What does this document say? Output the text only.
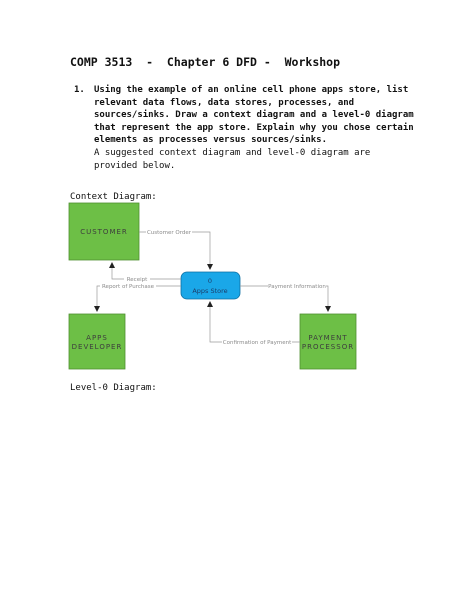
COMP 3513  -  Chapter 6 DFD -  Workshop
1. Using the example of an online cell phone apps store, list relevant data flows, data stores, processes, and sources/sinks. Draw a context diagram and a level-0 diagram that represent the app store. Explain why you chose certain elements as processes versus sources/sinks.
A suggested context diagram and level-0 diagram are provided below.
Context Diagram:
CUSTOMER
APPS
DEVELOPER
PAYMENT
PROCESSOR
0
Apps Store
Customer Order
Receipt
Report of Purchase	Payment Information
Confirmation of Payment
Level-0 Diagram:
